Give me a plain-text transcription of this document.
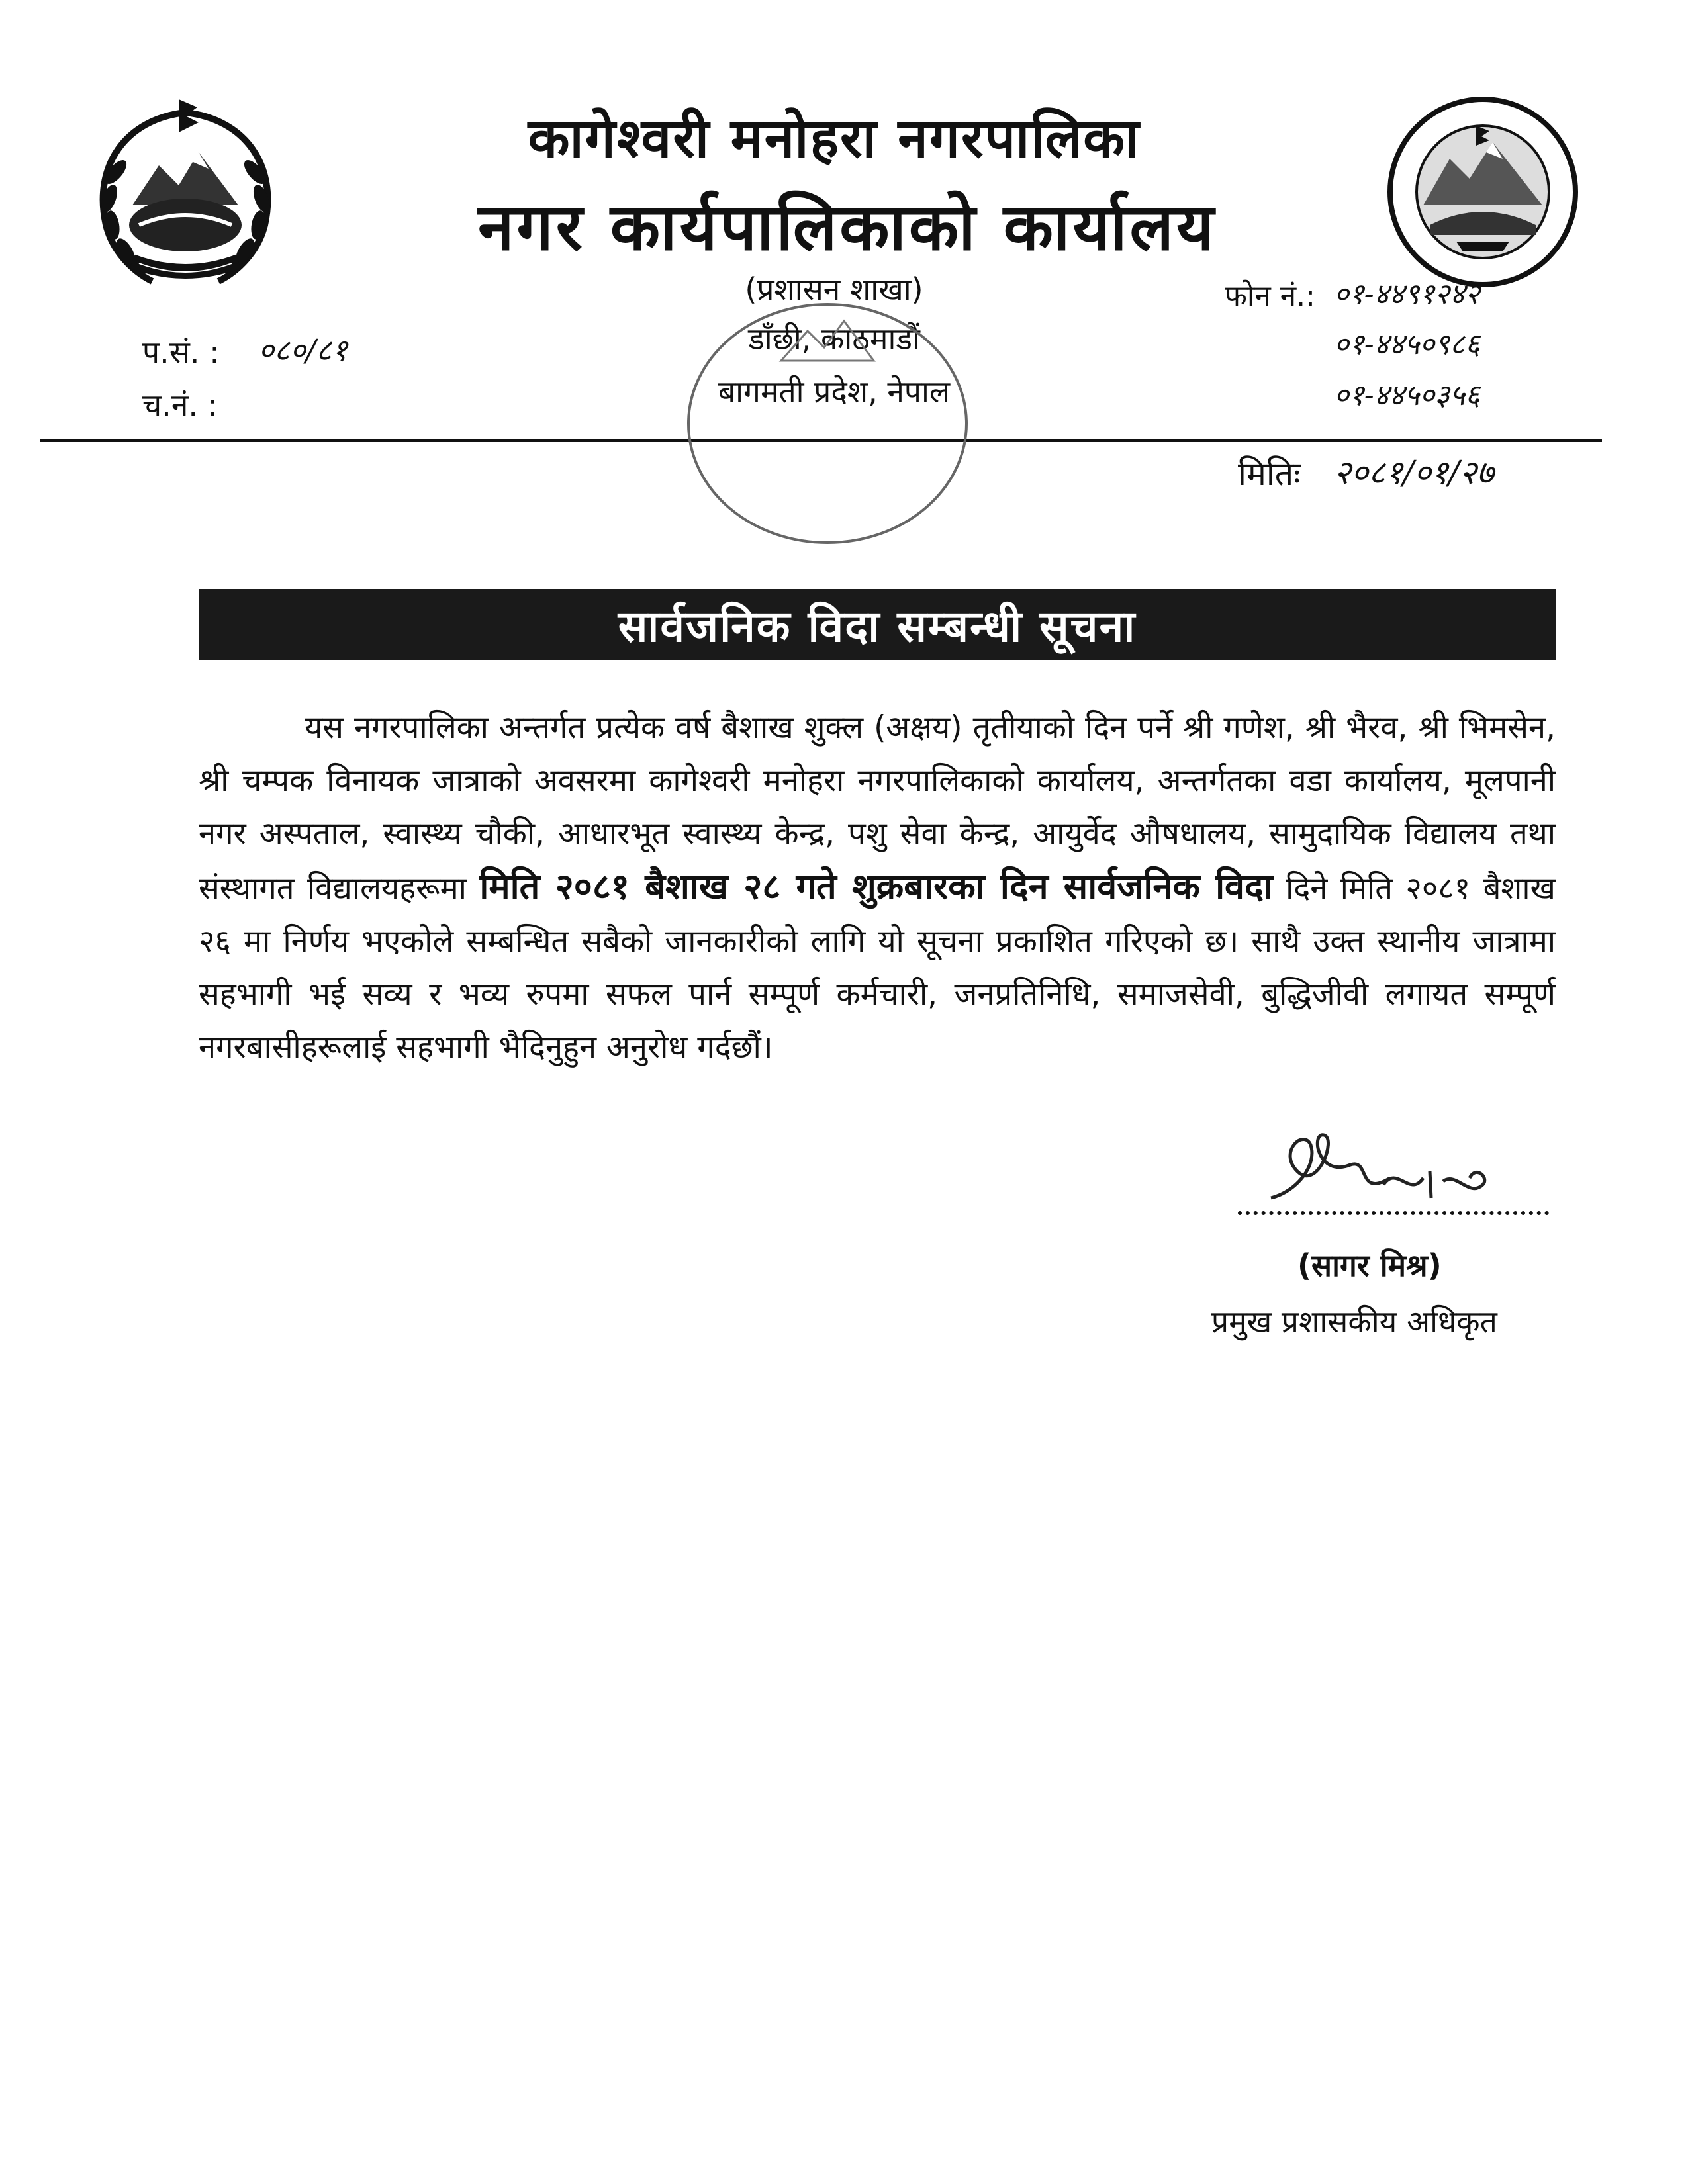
कागेश्वरी मनोहरा नगरपालिका
नगर कार्यपालिकाको कार्यालय
(प्रशासन शाखा)
डाँछी, काठमाडौं
बागमती प्रदेश, नेपाल
प.सं. : ०८०/८१
च.नं. :
फोन नं.: ०१-४४९१२४२
०१-४४५०९८६
०१-४४५०३५६
मितिः २०८१/०१/२७
सार्वजनिक विदा सम्बन्धी सूचना
यस नगरपालिका अन्तर्गत प्रत्येक वर्ष बैशाख शुक्ल (अक्षय) तृतीयाको दिन पर्ने श्री गणेश, श्री भैरव, श्री भिमसेन, श्री चम्पक विनायक जात्राको अवसरमा कागेश्वरी मनोहरा नगरपालिकाको कार्यालय, अन्तर्गतका वडा कार्यालय, मूलपानी नगर अस्पताल, स्वास्थ्य चौकी, आधारभूत स्वास्थ्य केन्द्र, पशु सेवा केन्द्र, आयुर्वेद औषधालय, सामुदायिक विद्यालय तथा संस्थागत विद्यालयहरूमा मिति २०८१ बैशाख २८ गते शुक्रबारका दिन सार्वजनिक विदा दिने मिति २०८१ बैशाख २६ मा निर्णय भएकोले सम्बन्धित सबैको जानकारीको लागि यो सूचना प्रकाशित गरिएको छ। साथै उक्त स्थानीय जात्रामा सहभागी भई सव्य र भव्य रुपमा सफल पार्न सम्पूर्ण कर्मचारी, जनप्रतिनिधि, समाजसेवी, बुद्धिजीवी लगायत सम्पूर्ण नगरबासीहरूलाई सहभागी भैदिनुहुन अनुरोध गर्दछौं।
(सागर मिश्र)
प्रमुख प्रशासकीय अधिकृत
